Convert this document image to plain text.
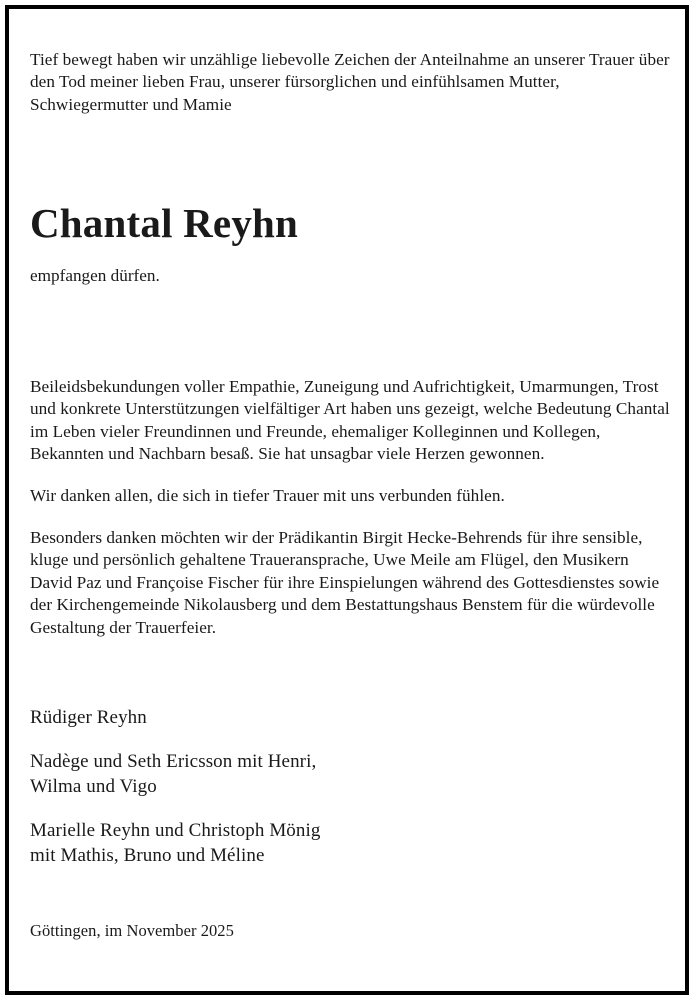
Tief bewegt haben wir unzählige liebevolle Zeichen der Anteilnahme an unserer Trauer über den Tod meiner lieben Frau, unserer fürsorglichen und einfühlsamen Mutter, Schwiegermutter und Mamie

Chantal Reyhn

empfangen dürfen.

Beileidsbekundungen voller Empathie, Zuneigung und Aufrichtigkeit, Umarmungen, Trost und konkrete Unterstützungen vielfältiger Art haben uns gezeigt, welche Bedeutung Chantal im Leben vieler Freundinnen und Freunde, ehemaliger Kolleginnen und Kollegen, Bekannten und Nachbarn besaß. Sie hat unsagbar viele Herzen gewonnen.

Wir danken allen, die sich in tiefer Trauer mit uns verbunden fühlen.

Besonders danken möchten wir der Prädikantin Birgit Hecke-Behrends für ihre sensible, kluge und persönlich gehaltene Traueransprache, Uwe Meile am Flügel, den Musikern David Paz und Françoise Fischer für ihre Einspielungen während des Gottesdienstes sowie der Kirchengemeinde Nikolausberg und dem Bestattungshaus Benstem für die würdevolle Gestaltung der Trauerfeier.

Rüdiger Reyhn

Nadège und Seth Ericsson mit Henri,
Wilma und Vigo

Marielle Reyhn und Christoph Mönig
mit Mathis, Bruno und Méline

Göttingen, im November 2025
